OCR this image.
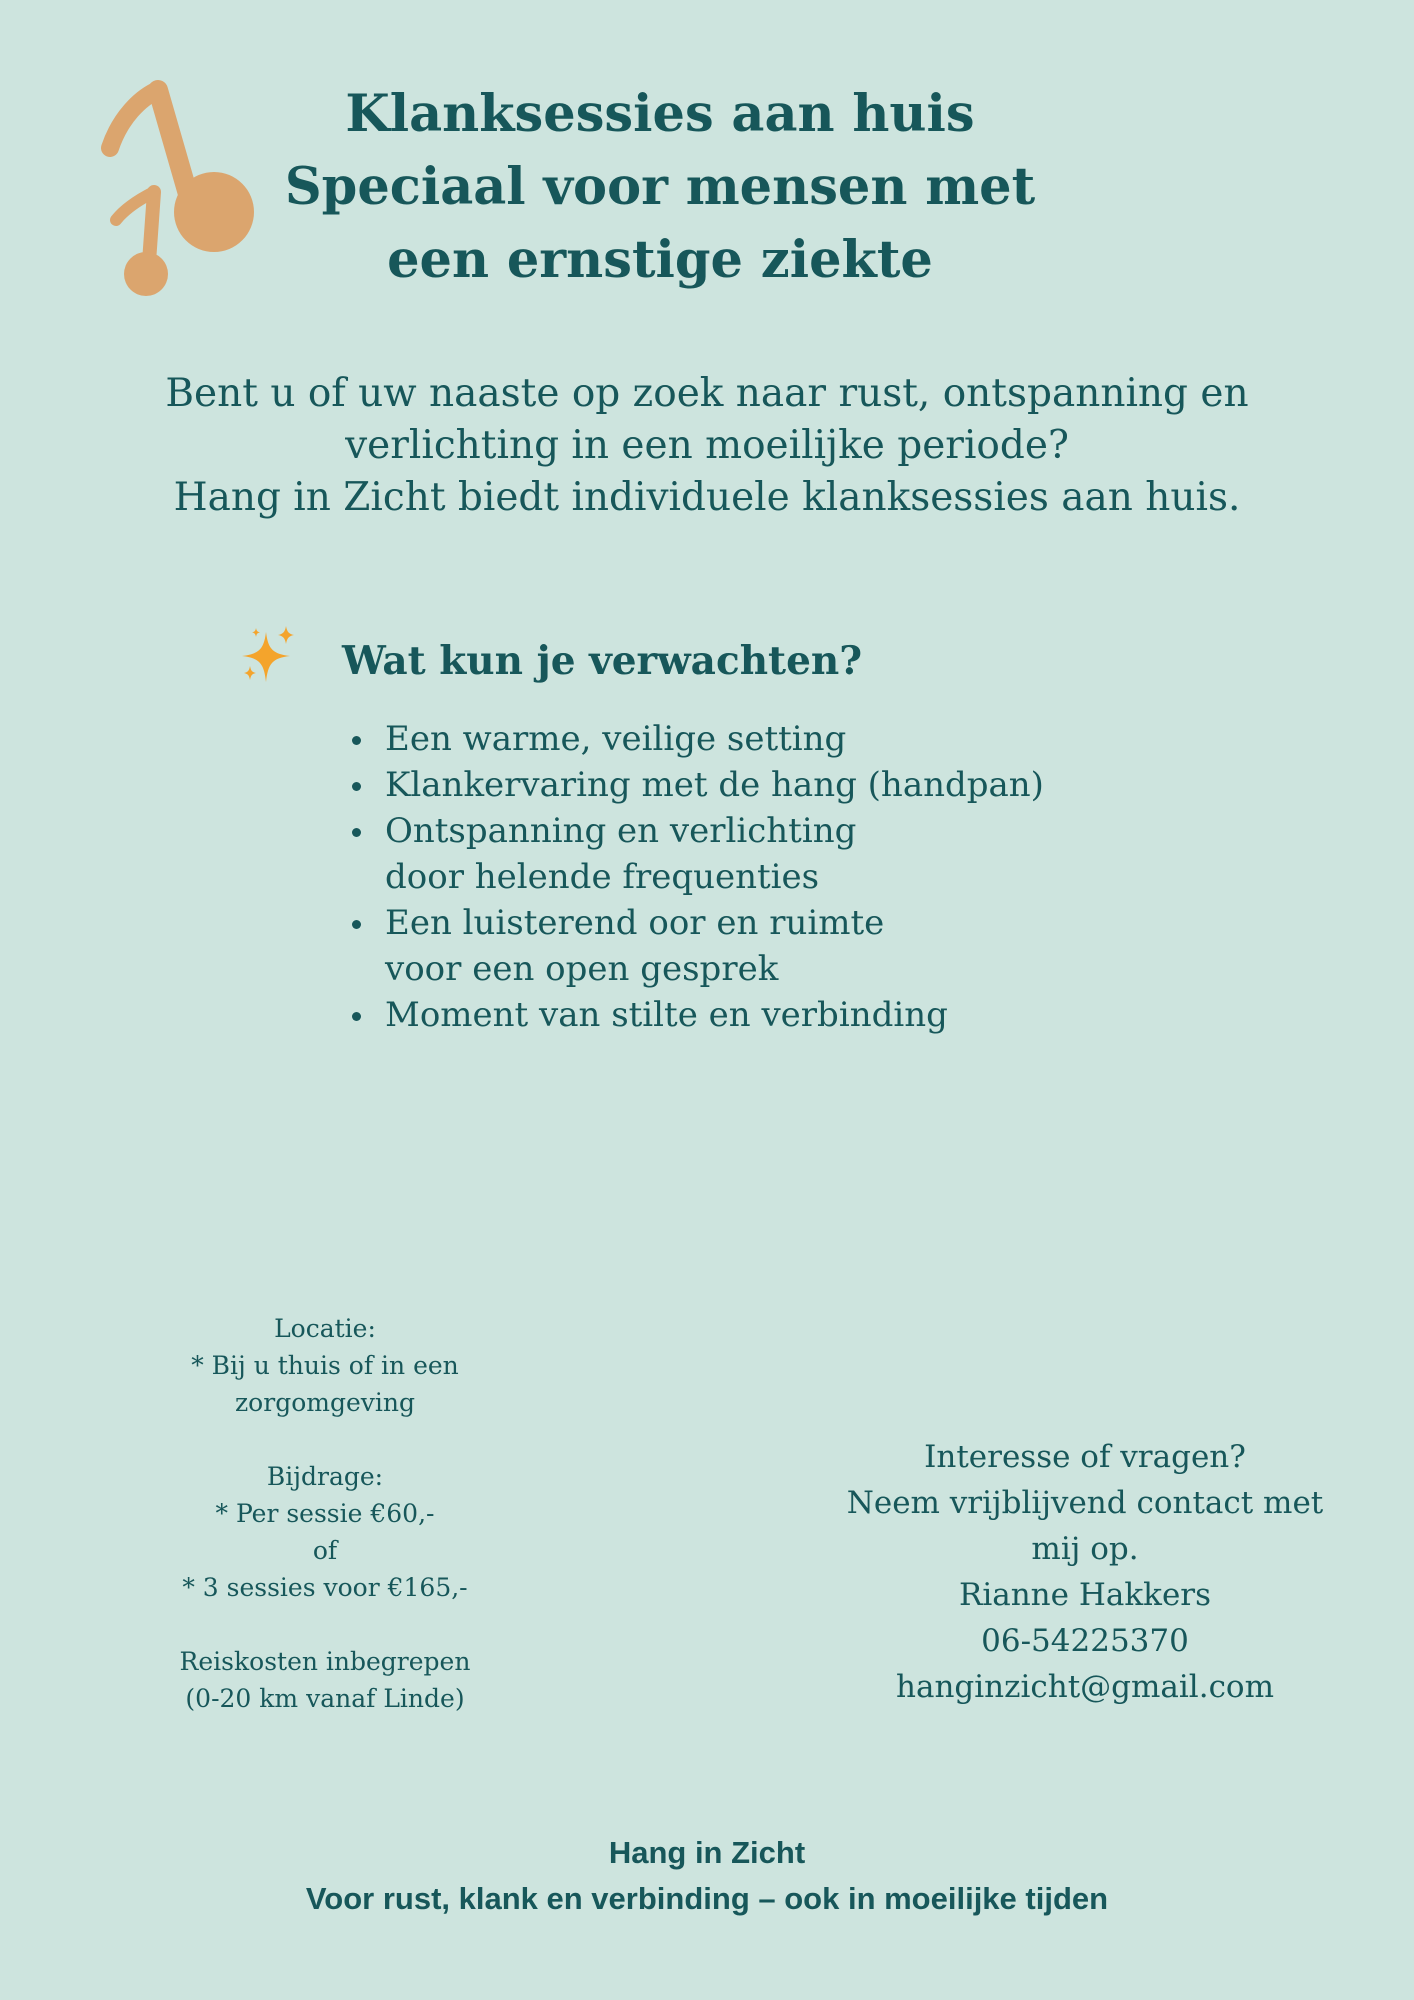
Klanksessies aan huis
Speciaal voor mensen met
een ernstige ziekte
Bent u of uw naaste op zoek naar rust, ontspanning en
verlichting in een moeilijke periode?
Hang in Zicht biedt individuele klanksessies aan huis.
Wat kun je verwachten?
Een warme, veilige setting
Klankervaring met de hang (handpan)
Ontspanning en verlichting
door helende frequenties
Een luisterend oor en ruimte
voor een open gesprek
Moment van stilte en verbinding
Locatie:
* Bij u thuis of in een
zorgomgeving
Bijdrage:
* Per sessie €60,-
of
* 3 sessies voor €165,-
Reiskosten inbegrepen
(0-20 km vanaf Linde)
Interesse of vragen?
Neem vrijblijvend contact met
mij op.
Rianne Hakkers
06-54225370
hanginzicht@gmail.com
Hang in Zicht
Voor rust, klank en verbinding – ook in moeilijke tijden
